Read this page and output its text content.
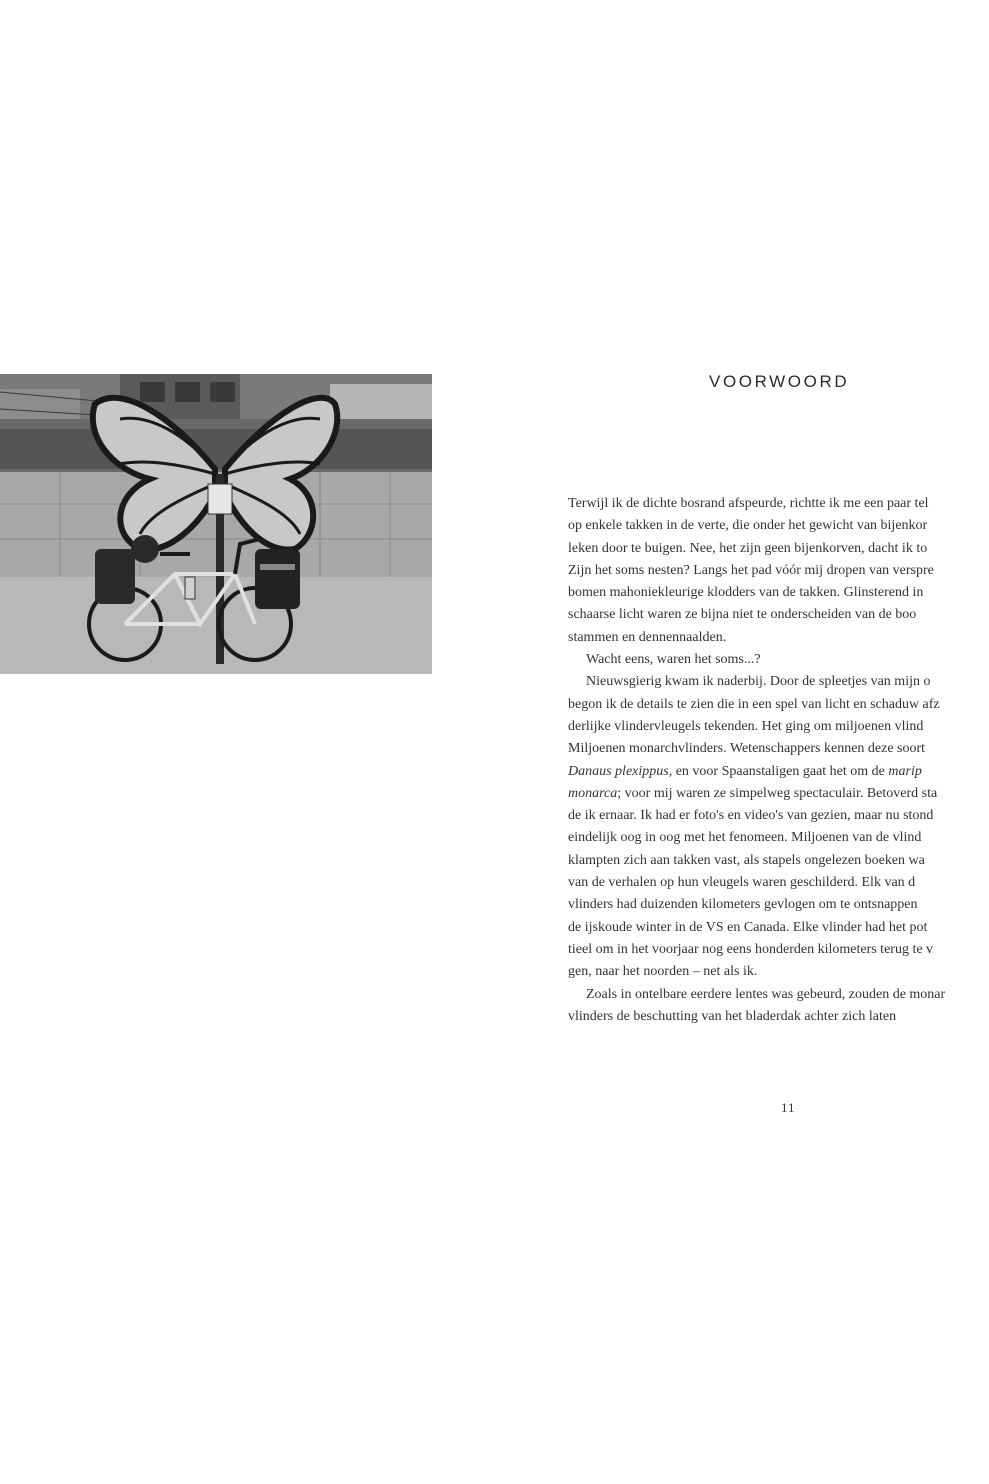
VOORWOORD
Terwijl ik de dichte bosrand afspeurde, richtte ik me een paar tel
op enkele takken in de verte, die onder het gewicht van bijenkor
leken door te buigen. Nee, het zijn geen bijenkorven, dacht ik to
Zijn het soms nesten? Langs het pad vóór mij dropen van verspre
bomen mahoniekleurige klodders van de takken. Glinsterend in
schaarse licht waren ze bijna niet te onderscheiden van de boo
stammen en dennennaalden.
Wacht eens, waren het soms...?
Nieuwsgierig kwam ik naderbij. Door de spleetjes van mijn o
begon ik de details te zien die in een spel van licht en schaduw afz
derlijke vlindervleugels tekenden. Het ging om miljoenen vlind
Miljoenen monarchvlinders. Wetenschappers kennen deze soort
Danaus plexippus, en voor Spaanstaligen gaat het om de marip
monarca; voor mij waren ze simpelweg spectaculair. Betoverd sta
de ik ernaar. Ik had er foto's en video's van gezien, maar nu stond
eindelijk oog in oog met het fenomeen. Miljoenen van de vlind
klampten zich aan takken vast, als stapels ongelezen boeken wa
van de verhalen op hun vleugels waren geschilderd. Elk van d
vlinders had duizenden kilometers gevlogen om te ontsnappen
de ijskoude winter in de VS en Canada. Elke vlinder had het pot
tieel om in het voorjaar nog eens honderden kilometers terug te v
gen, naar het noorden – net als ik.
Zoals in ontelbare eerdere lentes was gebeurd, zouden de monar
vlinders de beschutting van het bladerdak achter zich laten

11
